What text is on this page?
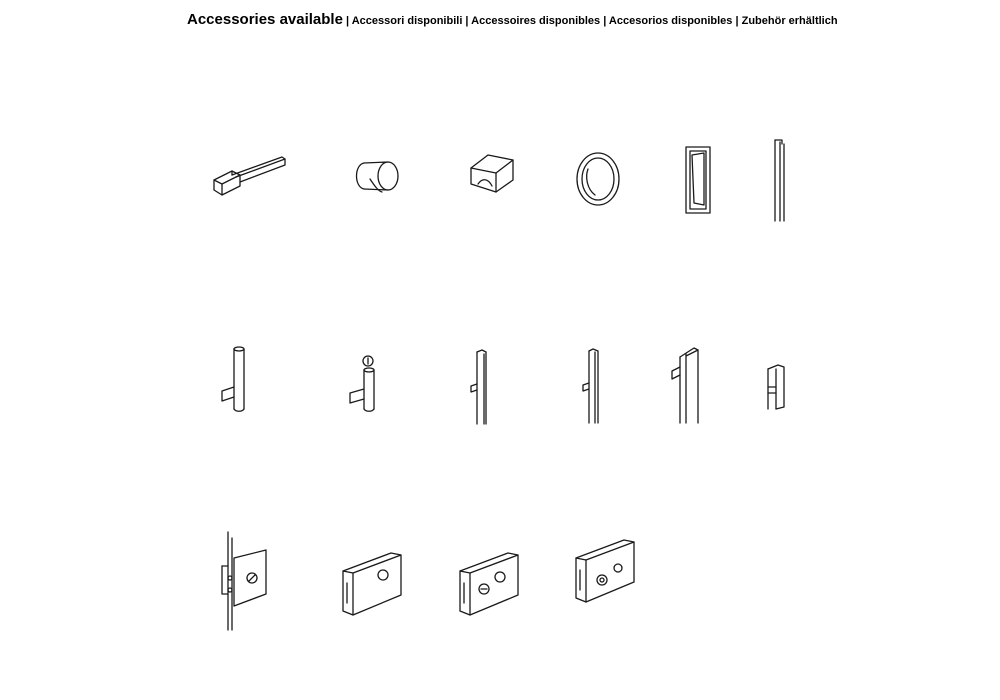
Accessories available | Accessori disponibili | Accessoires disponibles | Accesorios disponibles | Zubehör erhältlich
